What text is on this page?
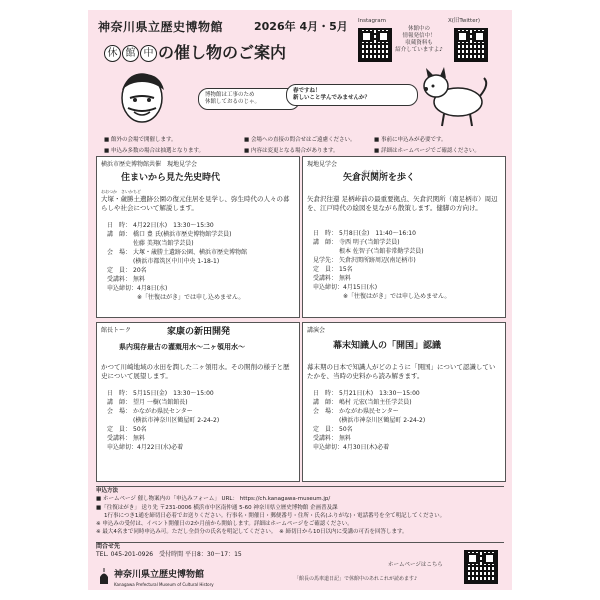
神奈川県立歴史博物館	2026年 4月・5月
休 館 中 の催し物のご案内
Instagram
休館中の
情報発信中！
収蔵資料も
紹介していますよ♪
X(旧Twitter)
博物館は工事のため
休館しておるのじゃ。
春ですね！
新しいこと学んでみませんか？
■ 館外の会場で開催します。	■ 会場への直接の問合せはご遠慮ください。	■ 事前に申込みが必要です。
■ 申込み多数の場合は抽選となります。	■ 内容は変更となる場合があります。	■ 詳細はホームページでご確認ください。
横浜市歴史博物館共催　現地見学会
住まいから見た先史時代
おおつか　さいかちど
大塚・歳勝土遺跡公園の復元住居を見学し、弥生時代の人々の暮らしや社会について解説します。
日　時： 4月22日(水)　13:30～15:30
講　師： 橋口 豊 氏(横浜市歴史博物館学芸員)
佐藤 美翔(当館学芸員)
会　場： 大塚・歳勝土遺跡公園、横浜市歴史博物館
(横浜市都筑区中川中央 1-18-1)
定　員： 20名
受講料： 無料
申込締切： 4月8日(水)
※「往復はがき」では申し込めません。
現地見学会
やぐらさわ
矢倉沢関所を歩く
矢倉沢往還 足柄峠前の最重要拠点、矢倉沢関所（南足柄市）周辺を、江戸時代の絵図を見ながら散策します。健脚の方向け。
日　時： 5月8日(金)　11:40～16:10
講　師： 寺西 明子(当館学芸員)
根本 佐智子(当館非常勤学芸員)
見学先： 矢倉沢関所跡周辺(南足柄市)
定　員： 15名
受講料： 無料
申込締切： 4月15日(水)
※「往復はがき」では申し込めません。
館長トーク	家康の新田開発
県内現存最古の灌漑用水～二ヶ領用水～
かつて川崎地域の水田を潤した二ヶ領用水。その開削の様子と歴史について展望します。
日　時： 5月15日(金)　13:30～15:00
講　師： 望月 一樹(当館館長)
会　場： かながわ県民センター
(横浜市神奈川区鶴屋町 2-24-2)
定　員： 50名
受講料： 無料
申込締切： 4月22日(水)必着
講演会
幕末知識人の「開国」認識
幕末期の日本で知識人がどのように「開国」について認識していたかを、当時の史料から読み解きます。
日　時： 5月21日(木)　13:30～15:00
講　師： 嶋村 元宏(当館主任学芸員)
会　場： かながわ県民センター
(横浜市神奈川区鶴屋町 2-24-2)
定　員： 50名
受講料： 無料
申込締切： 4月30日(木)必着
申込方法
■ ホームページ 催し物案内の「申込みフォーム」 URL： https://ch.kanagawa-museum.jp/
■「往復はがき」 送り先 〒231-0006 横浜市中区南仲通 5-60 神奈川県立歴史博物館 企画普及課
1行事につき1通を締切日必着でお送りください。行事名・開催日・郵便番号・住所・氏名(ふりがな)・電話番号を全て明記してください。
※ 申込みの受付は、イベント開催日の2か月前から開始します。詳細はホームページをご確認ください。
※ 最大4名まで同時申込み可。ただし全員分の氏名を明記してください。　※ 締切日から10日以内に受講の可否を回答します。
問合せ先
TEL. 045-201-0926　受付時間 平日8：30～17：15
神奈川県立歴史博物館
Kanagawa Prefectural Museum of Cultural History
ホームページはこちら
「館長の馬車道日記」で休館中のあれこれが読めます♪
